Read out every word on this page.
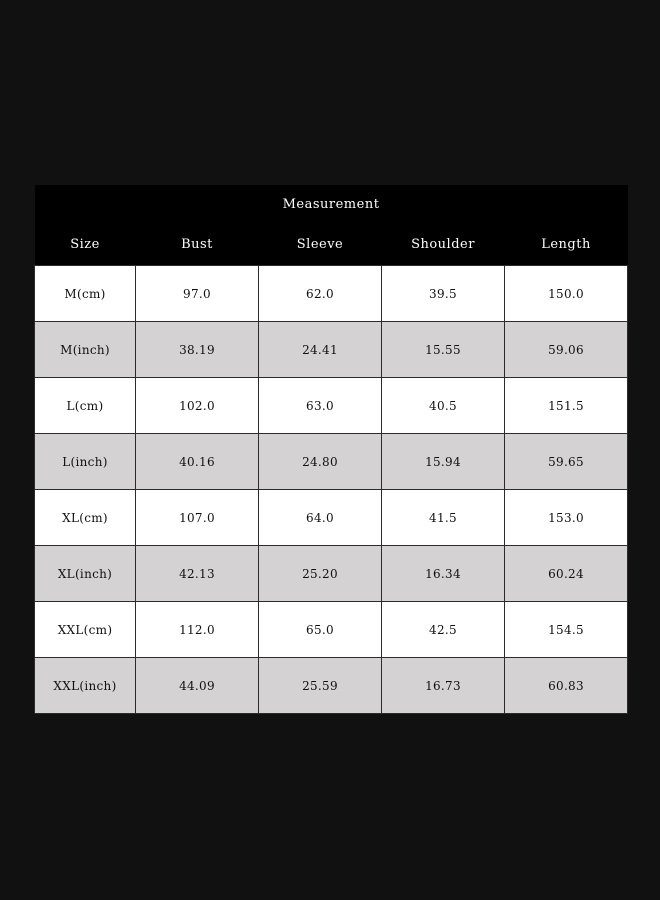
Measurement				
Size	Bust	Sleeve	Shoulder	Length
M(cm)	97.0	62.0	39.5	150.0
M(inch)	38.19	24.41	15.55	59.06
L(cm)	102.0	63.0	40.5	151.5
L(inch)	40.16	24.80	15.94	59.65
XL(cm)	107.0	64.0	41.5	153.0
XL(inch)	42.13	25.20	16.34	60.24
XXL(cm)	112.0	65.0	42.5	154.5
XXL(inch)	44.09	25.59	16.73	60.83
